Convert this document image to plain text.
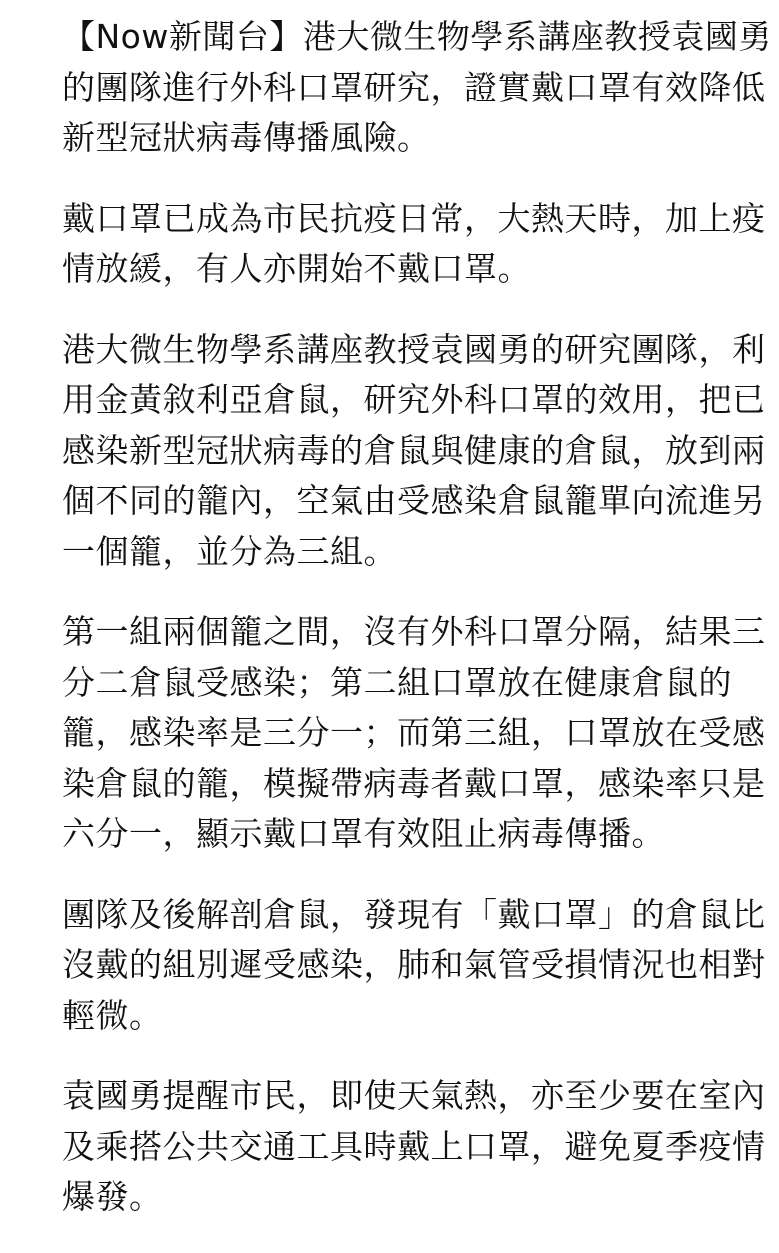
【Now新聞台】港大微生物學系講座教授袁國勇
的團隊進行外科口罩研究，證實戴口罩有效降低
新型冠狀病毒傳播風險。

戴口罩已成為市民抗疫日常，大熱天時，加上疫
情放緩，有人亦開始不戴口罩。

港大微生物學系講座教授袁國勇的研究團隊，利
用金黃敘利亞倉鼠，研究外科口罩的效用，把已
感染新型冠狀病毒的倉鼠與健康的倉鼠，放到兩
個不同的籠內，空氣由受感染倉鼠籠單向流進另
一個籠，並分為三組。

第一組兩個籠之間，沒有外科口罩分隔，結果三
分二倉鼠受感染；第二組口罩放在健康倉鼠的
籠，感染率是三分一；而第三組，口罩放在受感
染倉鼠的籠，模擬帶病毒者戴口罩，感染率只是
六分一，顯示戴口罩有效阻止病毒傳播。

團隊及後解剖倉鼠，發現有「戴口罩」的倉鼠比
沒戴的組別遲受感染，肺和氣管受損情況也相對
輕微。

袁國勇提醒市民，即使天氣熱，亦至少要在室內
及乘搭公共交通工具時戴上口罩，避免夏季疫情
爆發。
